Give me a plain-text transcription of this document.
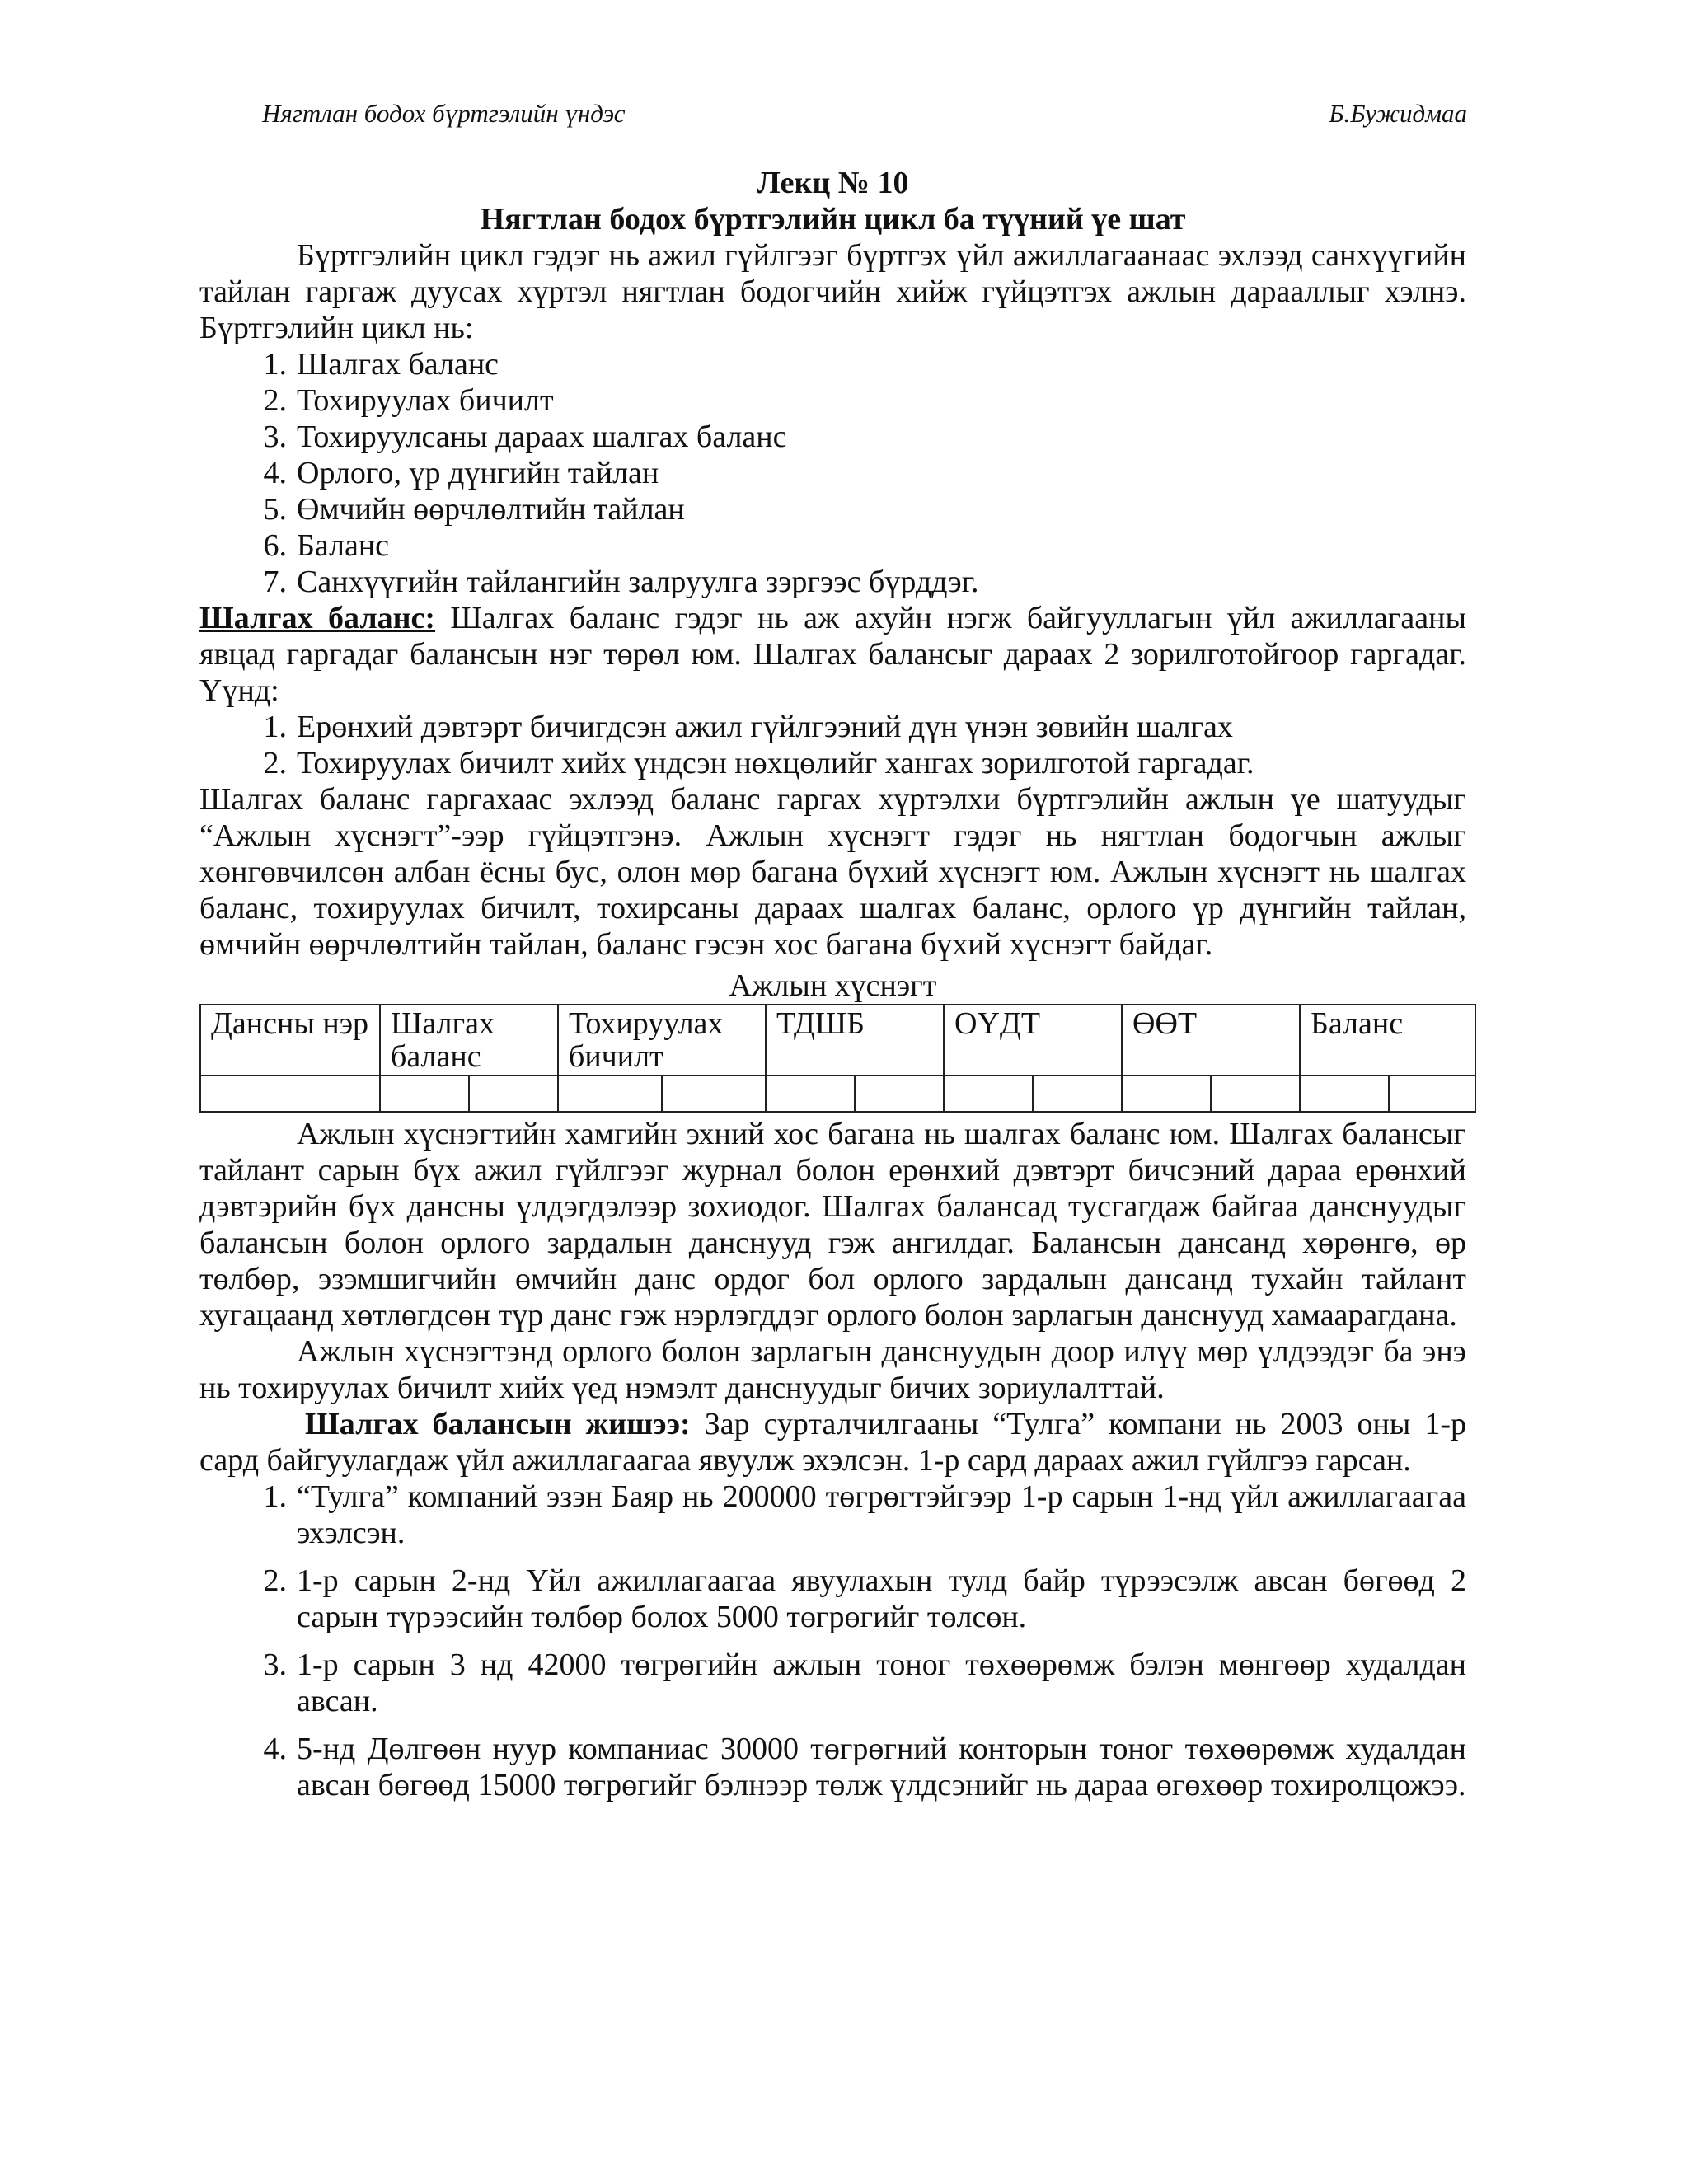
Нягтлан бодох бүртгэлийн үндэс	Б.Бужидмаа
Лекц № 10
Нягтлан бодох бүртгэлийн цикл ба түүний үе шат

Бүртгэлийн цикл гэдэг нь ажил гүйлгээг бүртгэх үйл ажиллагаанаас эхлээд санхүүгийн тайлан гаргаж дуусах хүртэл нягтлан бодогчийн хийж гүйцэтгэх ажлын дарааллыг хэлнэ. Бүртгэлийн цикл нь:

1. Шалгах баланс
2. Тохируулах бичилт
3. Тохируулсаны дараах шалгах баланс
4. Орлого, үр дүнгийн тайлан
5. Өмчийн өөрчлөлтийн тайлан
6. Баланс
7. Санхүүгийн тайлангийн залруулга зэргээс бүрддэг.

Шалгах баланс: Шалгах баланс гэдэг нь аж ахуйн нэгж байгууллагын үйл ажиллагааны явцад гаргадаг балансын нэг төрөл юм. Шалгах балансыг дараах 2 зорилготойгоор гаргадаг. Үүнд:

1. Ерөнхий дэвтэрт бичигдсэн ажил гүйлгээний дүн үнэн зөвийн шалгах
2. Тохируулах бичилт хийх үндсэн нөхцөлийг хангах зорилготой гаргадаг.

Шалгах баланс гаргахаас эхлээд баланс гаргах хүртэлхи бүртгэлийн ажлын үе шатуудыг “Ажлын хүснэгт”-ээр гүйцэтгэнэ. Ажлын хүснэгт гэдэг нь нягтлан бодогчын ажлыг хөнгөвчилсөн албан ёсны бус, олон мөр багана бүхий хүснэгт юм. Ажлын хүснэгт нь шалгах баланс, тохируулах бичилт, тохирсаны дараах шалгах баланс, орлого үр дүнгийн тайлан, өмчийн өөрчлөлтийн тайлан, баланс гэсэн хос багана бүхий хүснэгт байдаг.

Ажлын хүснэгт
Дансны нэр	Шалгах баланс		Тохируулах бичилт		ТДШБ		ОҮДТ		ӨӨТ		Баланс	

Ажлын хүснэгтийн хамгийн эхний хос багана нь шалгах баланс юм. Шалгах балансыг тайлант сарын бүх ажил гүйлгээг журнал болон ерөнхий дэвтэрт бичсэний дараа ерөнхий дэвтэрийн бүх дансны үлдэгдэлээр зохиодог. Шалгах балансад тусгагдаж байгаа данснуудыг балансын болон орлого зардалын данснууд гэж ангилдаг. Балансын дансанд хөрөнгө, өр төлбөр, эзэмшигчийн өмчийн данс ордог бол орлого зардалын дансанд тухайн тайлант хугацаанд хөтлөгдсөн түр данс гэж нэрлэгддэг орлого болон зарлагын данснууд хамаарагдана.

Ажлын хүснэгтэнд орлого болон зарлагын данснуудын доор илүү мөр үлдээдэг ба энэ нь тохируулах бичилт хийх үед нэмэлт данснуудыг бичих зориулалттай.

Шалгах балансын жишээ: Зар сурталчилгааны “Тулга” компани нь 2003 оны 1-р сард байгуулагдаж үйл ажиллагаагаа явуулж эхэлсэн. 1-р сард дараах ажил гүйлгээ гарсан.

1. “Тулга” компаний эзэн Баяр нь 200000 төгрөгтэйгээр 1-р сарын 1-нд үйл ажиллагаагаа эхэлсэн.
2. 1-р сарын 2-нд Үйл ажиллагаагаа явуулахын тулд байр түрээсэлж авсан бөгөөд 2 сарын түрээсийн төлбөр болох 5000 төгрөгийг төлсөн.
3. 1-р сарын 3 нд 42000 төгрөгийн ажлын тоног төхөөрөмж бэлэн мөнгөөр худалдан авсан.
4. 5-нд Дөлгөөн нуур компаниас 30000 төгрөгний конторын тоног төхөөрөмж худалдан авсан бөгөөд 15000 төгрөгийг бэлнээр төлж үлдсэнийг нь дараа өгөхөөр тохиролцожээ.
